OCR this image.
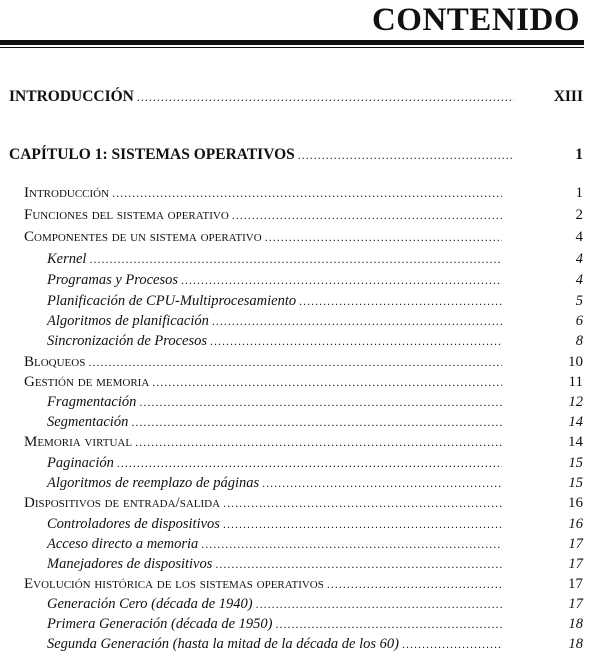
CONTENIDO
INTRODUCCIÓN .....	XIII
CAPÍTULO 1: SISTEMAS OPERATIVOS .....	1
Introducción .....	1
Funciones del sistema operativo .....	2
Componentes de un sistema operativo .....	4
Kernel .....	4
Programas y Procesos .....	4
Planificación de CPU-Multiprocesamiento .....	5
Algoritmos de planificación .....	6
Sincronización de Procesos .....	8
Bloqueos .....	10
Gestión de memoria .....	11
Fragmentación .....	12
Segmentación .....	14
Memoria virtual .....	14
Paginación .....	15
Algoritmos de reemplazo de páginas .....	15
Dispositivos de entrada/salida .....	16
Controladores de dispositivos .....	16
Acceso directo a memoria .....	17
Manejadores de dispositivos .....	17
Evolución histórica de los sistemas operativos .....	17
Generación Cero (década de 1940) .....	17
Primera Generación (década de 1950) .....	18
Segunda Generación (hasta la mitad de la década de los 60) .....	18
